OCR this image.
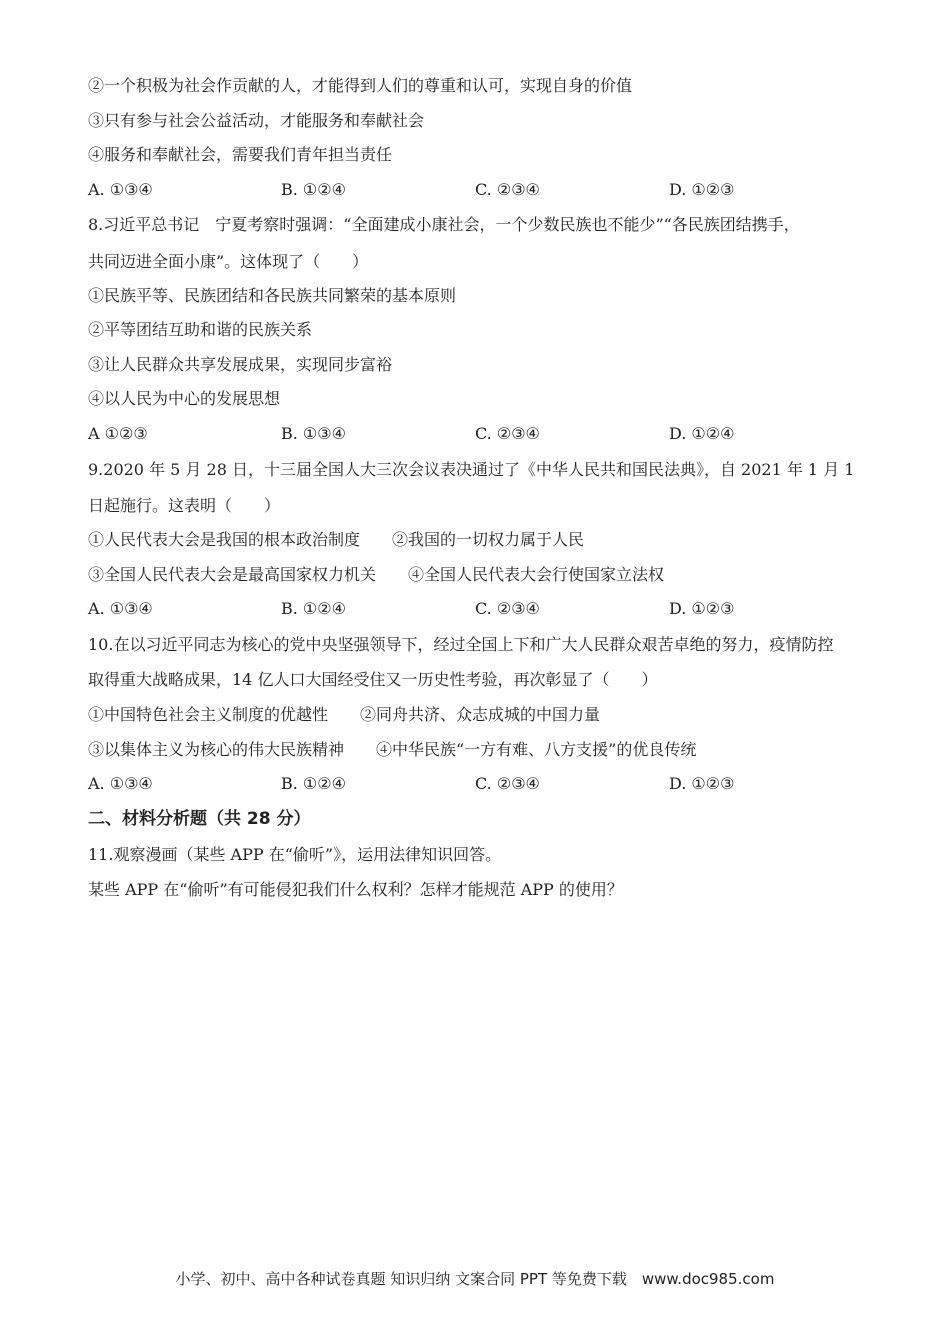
②一个积极为社会作贡献的人，才能得到人们的尊重和认可，实现自身的价值
③只有参与社会公益活动，才能服务和奉献社会
④服务和奉献社会，需要我们青年担当责任
A. ①③④	B. ①②④	C. ②③④	D. ①②③
8.习近平总书记　宁夏考察时强调：“全面建成小康社会，一个少数民族也不能少”“各民族团结携手，
共同迈进全面小康”。这体现了（　　）
①民族平等、民族团结和各民族共同繁荣的基本原则
②平等团结互助和谐的民族关系
③让人民群众共享发展成果，实现同步富裕
④以人民为中心的发展思想
A ①②③	B. ①③④	C. ②③④	D. ①②④
9.2020 年 5 月 28 日，十三届全国人大三次会议表决通过了《中华人民共和国民法典》，自 2021 年 1 月 1
日起施行。这表明（　　）
①人民代表大会是我国的根本政治制度　　②我国的一切权力属于人民
③全国人民代表大会是最高国家权力机关　　④全国人民代表大会行使国家立法权
A. ①③④	B. ①②④	C. ②③④	D. ①②③
10.在以习近平同志为核心的党中央坚强领导下，经过全国上下和广大人民群众艰苦卓绝的努力，疫情防控
取得重大战略成果，14 亿人口大国经受住又一历史性考验，再次彰显了（　　）
①中国特色社会主义制度的优越性　　②同舟共济、众志成城的中国力量
③以集体主义为核心的伟大民族精神　　④中华民族“一方有难、八方支援”的优良传统
A. ①③④	B. ①②④	C. ②③④	D. ①②③
二、材料分析题（共 28 分）
11.观察漫画（某些 APP 在“偷听”》，运用法律知识回答。
某些 APP 在“偷听”有可能侵犯我们什么权利？怎样才能规范 APP 的使用？
小学、初中、高中各种试卷真题 知识归纳 文案合同 PPT 等免费下载　www.doc985.com
